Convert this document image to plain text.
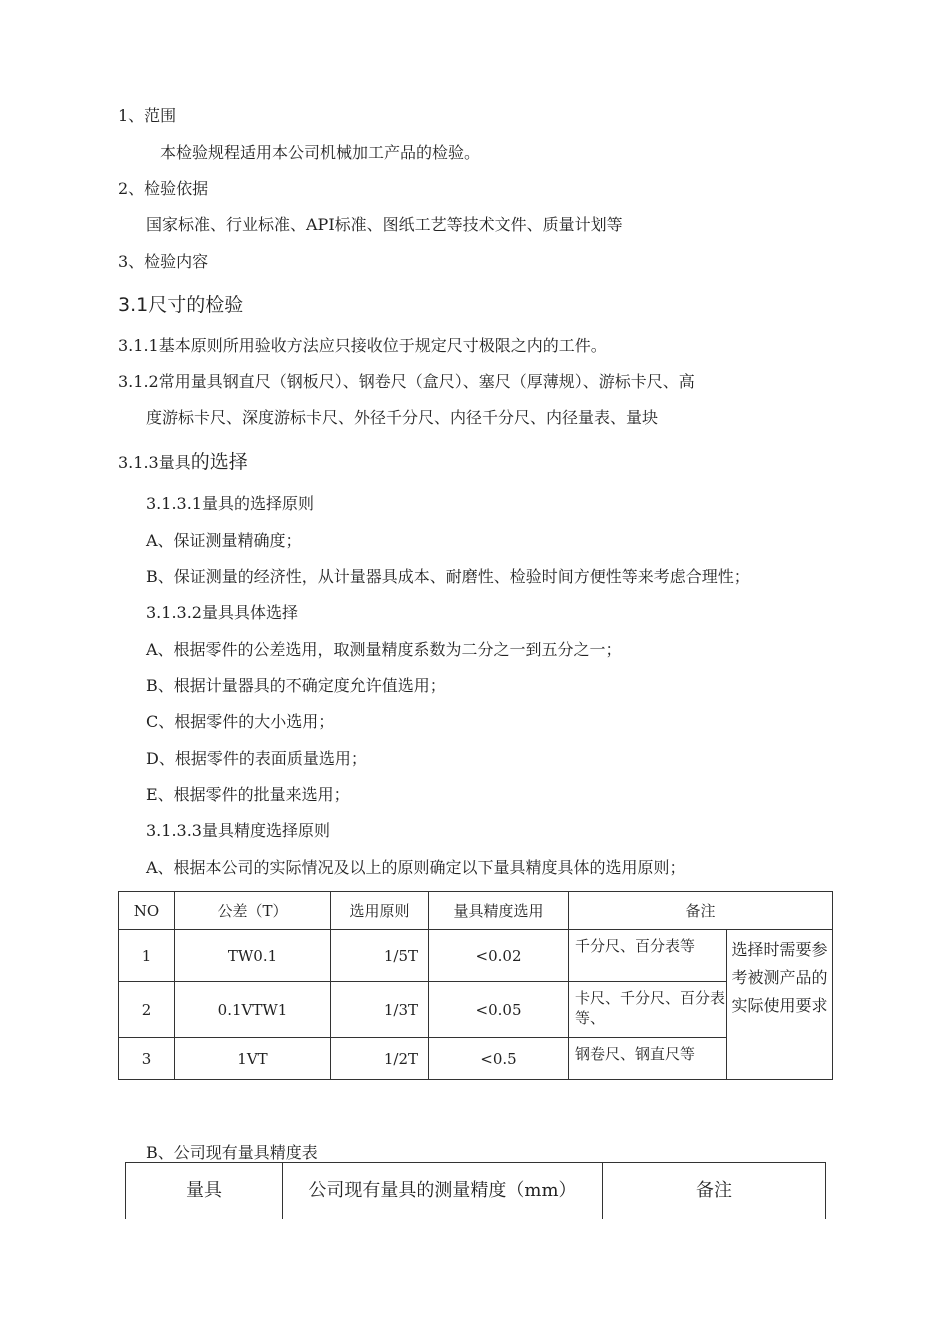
1、范围
本检验规程适用本公司机械加工产品的检验。
2、检验依据
国家标准、行业标准、API标准、图纸工艺等技术文件、质量计划等
3、检验内容
3.1尺寸的检验
3.1.1基本原则所用验收方法应只接收位于规定尺寸极限之内的工件。
3.1.2常用量具钢直尺（钢板尺）、钢卷尺（盒尺）、塞尺（厚薄规）、游标卡尺、高
度游标卡尺、深度游标卡尺、外径千分尺、内径千分尺、内径量表、量块
3.1.3量具的选择
3.1.3.1量具的选择原则
A、保证测量精确度；
B、保证测量的经济性，从计量器具成本、耐磨性、检验时间方便性等来考虑合理性；
3.1.3.2量具具体选择
A、根据零件的公差选用，取测量精度系数为二分之一到五分之一；
B、根据计量器具的不确定度允许值选用；
C、根据零件的大小选用；
D、根据零件的表面质量选用；
E、根据零件的批量来选用；
3.1.3.3量具精度选择原则
A、根据本公司的实际情况及以上的原则确定以下量具精度具体的选用原则；
NO	公差（T）	选用原则	量具精度选用	备注	
1	TW0.1	1/5T	<0.02	千分尺、百分表等	选择时需要参考被测产品的实际使用要求

2	0.1VTW1	1/3T	<0.05	卡尺、千分尺、百分表等、	
3	1VT	1/2T	<0.5	钢卷尺、钢直尺等	
B、公司现有量具精度表
量具	公司现有量具的测量精度（mm）	备注
